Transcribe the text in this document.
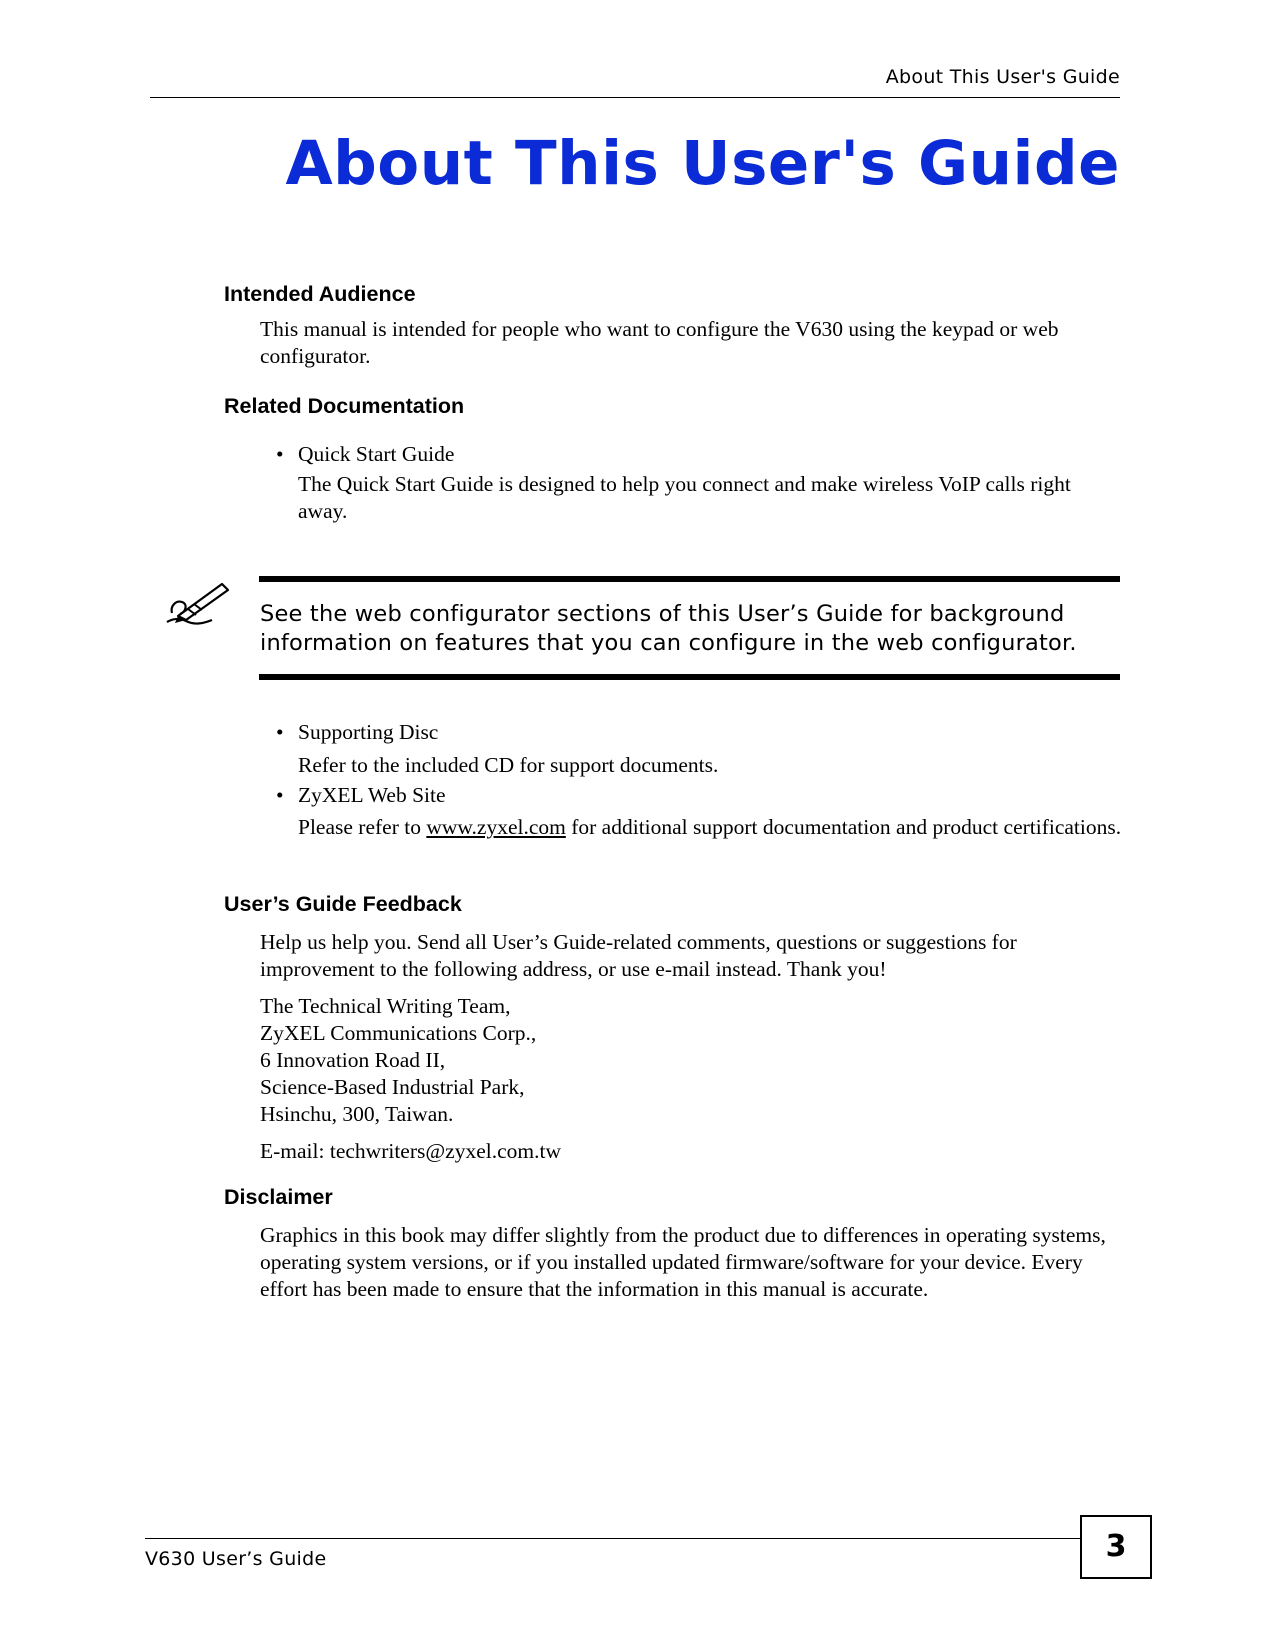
About This User's Guide
About This User's Guide
Intended Audience

This manual is intended for people who want to configure the V630 using the keypad or web configurator.

Related Documentation
• Quick Start Guide

The Quick Start Guide is designed to help you connect and make wireless VoIP calls right away.

See the web configurator sections of this User’s Guide for background information on features that you can configure in the web configurator.

• Supporting Disc

Refer to the included CD for support documents.

• ZyXEL Web Site

Please refer to www.zyxel.com for additional support documentation and product certifications.

User’s Guide Feedback

Help us help you. Send all User’s Guide-related comments, questions or suggestions for improvement to the following address, or use e-mail instead. Thank you!

The Technical Writing Team,
ZyXEL Communications Corp.,
6 Innovation Road II,
Science-Based Industrial Park,
Hsinchu, 300, Taiwan.

E-mail: techwriters@zyxel.com.tw

Disclaimer

Graphics in this book may differ slightly from the product due to differences in operating systems, operating system versions, or if you installed updated firmware/software for your device. Every effort has been made to ensure that the information in this manual is accurate.

V630 User’s Guide	3
